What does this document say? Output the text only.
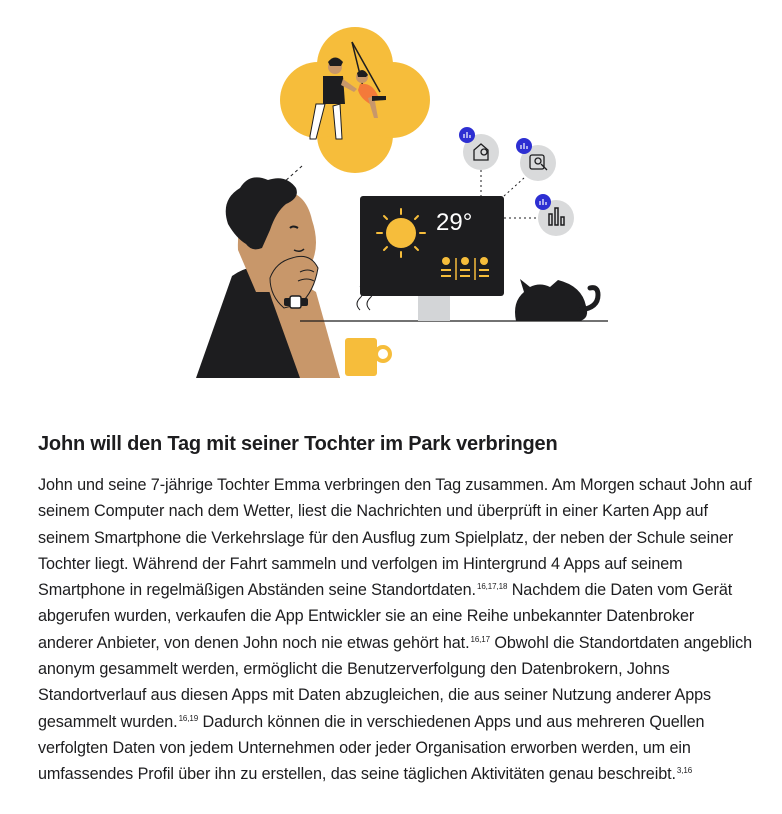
29°
John will den Tag mit seiner Tochter im Park verbringen

John und seine 7-jährige Tochter Emma verbringen den Tag zusammen. Am Morgen schaut John auf seinem Computer nach dem Wetter, liest die Nachrichten und überprüft in einer Karten App auf seinem Smartphone die Verkehrslage für den Ausflug zum Spielplatz, der neben der Schule seiner Tochter liegt. Während der Fahrt sammeln und verfolgen im Hintergrund 4 Apps auf seinem Smartphone in regelmäßigen Abständen seine Standortdaten.$^{16,17,18}$ Nachdem die Daten vom Gerät abgerufen wurden, verkaufen die App Entwickler sie an eine Reihe unbekannter Datenbroker anderer Anbieter, von denen John noch nie etwas gehört hat.$^{16,17}$ Obwohl die Standortdaten angeblich anonym gesammelt werden, ermöglicht die Benutzerverfolgung den Datenbrokern, Johns Standortverlauf aus diesen Apps mit Daten abzugleichen, die aus seiner Nutzung anderer Apps gesammelt wurden.$^{16,19}$ Dadurch können die in verschiedenen Apps und aus mehreren Quellen verfolgten Daten von jedem Unternehmen oder jeder Organisation erworben werden, um ein umfassendes Profil über ihn zu erstellen, das seine täglichen Aktivitäten genau beschreibt.$^{3,16}$
